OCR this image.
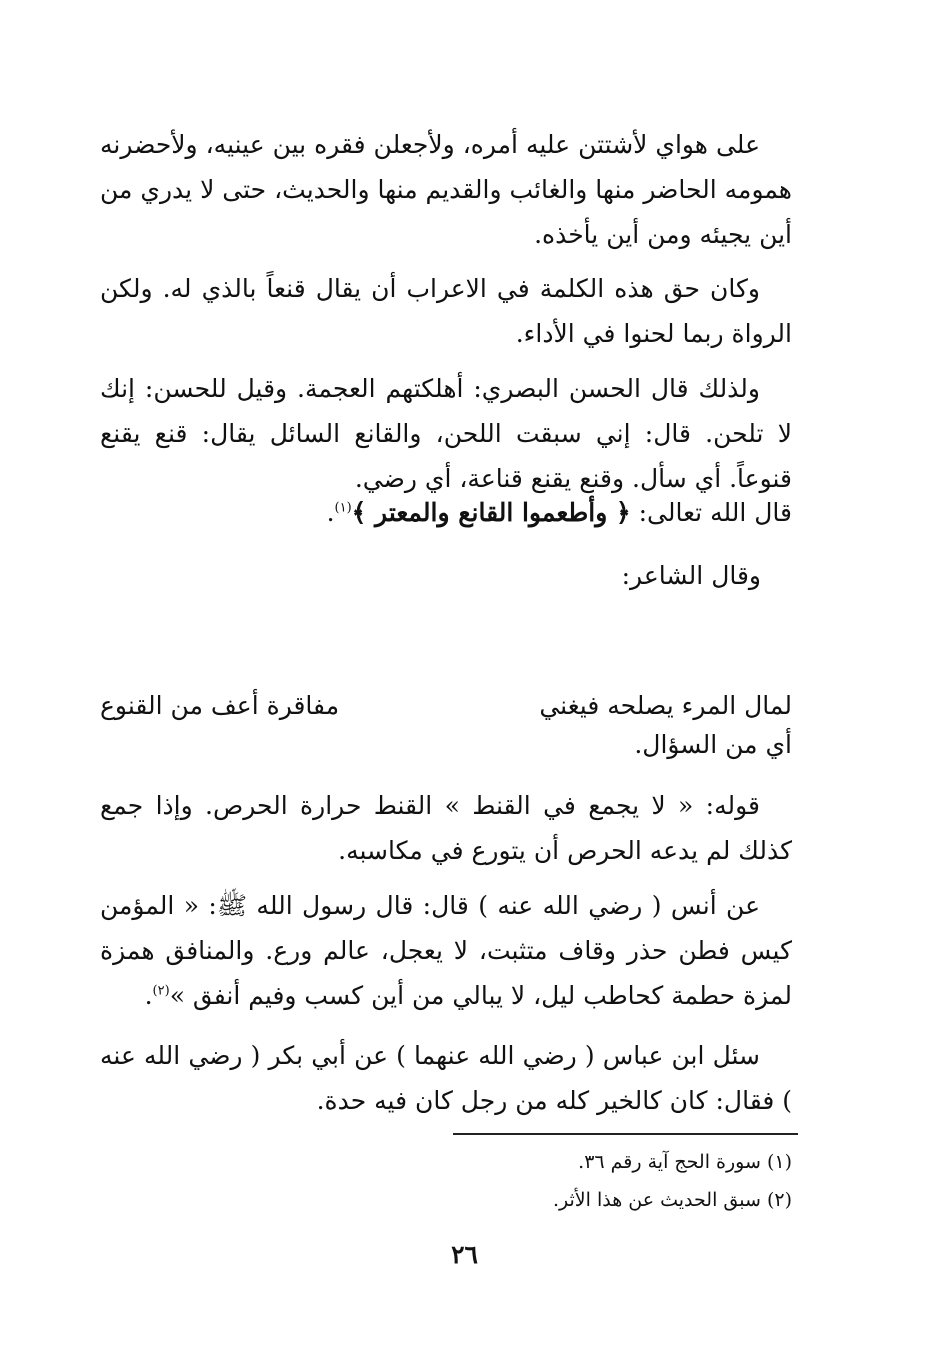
على هواي لأشتتن عليه أمره، ولأجعلن فقره بين عينيه، ولأحضرنه همومه الحاضر منها والغائب والقديم منها والحديث، حتى لا يدري من أين يجيئه ومن أين يأخذه.
وكان حق هذه الكلمة في الاعراب أن يقال قنعاً بالذي له. ولكن الرواة ربما لحنوا في الأداء.
ولذلك قال الحسن البصري: أهلكتهم العجمة. وقيل للحسن: إنك لا تلحن. قال: إني سبقت اللحن، والقانع السائل يقال: قنع يقنع قنوعاً. أي سأل. وقنع يقنع قناعة، أي رضي.
قال الله تعالى: ﴿ وأطعموا القانع والمعتر ﴾$^{(١)}$.
وقال الشاعر:
لمال المرء يصلحه فيغني
مفاقرة أعف من القنوع
أي من السؤال.
قوله: « لا يجمع في القنط » القنط حرارة الحرص. وإذا جمع كذلك لم يدعه الحرص أن يتورع في مكاسبه.
عن أنس ( رضي الله عنه ) قال: قال رسول الله ﷺ: « المؤمن كيس فطن حذر وقاف متثبت، لا يعجل، عالم ورع. والمنافق همزة لمزة حطمة كحاطب ليل، لا يبالي من أين كسب وفيم أنفق »$^{(٢)}$.
سئل ابن عباس ( رضي الله عنهما ) عن أبي بكر ( رضي الله عنه ) فقال: كان كالخير كله من رجل كان فيه حدة.
(١) سورة الحج آية رقم ٣٦.
(٢) سبق الحديث عن هذا الأثر.
٢٦
